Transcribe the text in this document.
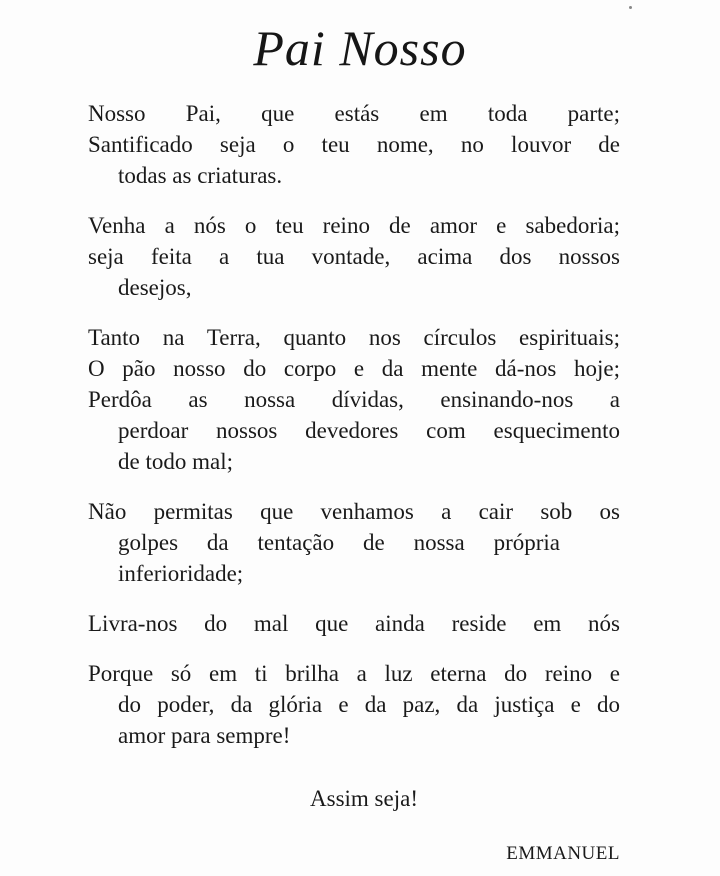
Pai Nosso
Nosso Pai, que estás em toda parte;
Santificado seja o teu nome, no louvor de
todas as criaturas.
Venha a nós o teu reino de amor e sabedoria;
seja feita a tua vontade, acima dos nossos
desejos,
Tanto na Terra, quanto nos círculos espirituais;
O pão nosso do corpo e da mente dá-nos hoje;
Perdôa as nossa dívidas, ensinando-nos a
perdoar nossos devedores com esquecimento
de todo mal;
Não permitas que venhamos a cair sob os
golpes da tentação de nossa própria
inferioridade;
Livra-nos do mal que ainda reside em nós
Porque só em ti brilha a luz eterna do reino e
do poder, da glória e da paz, da justiça e do
amor para sempre!
Assim seja!
EMMANUEL
